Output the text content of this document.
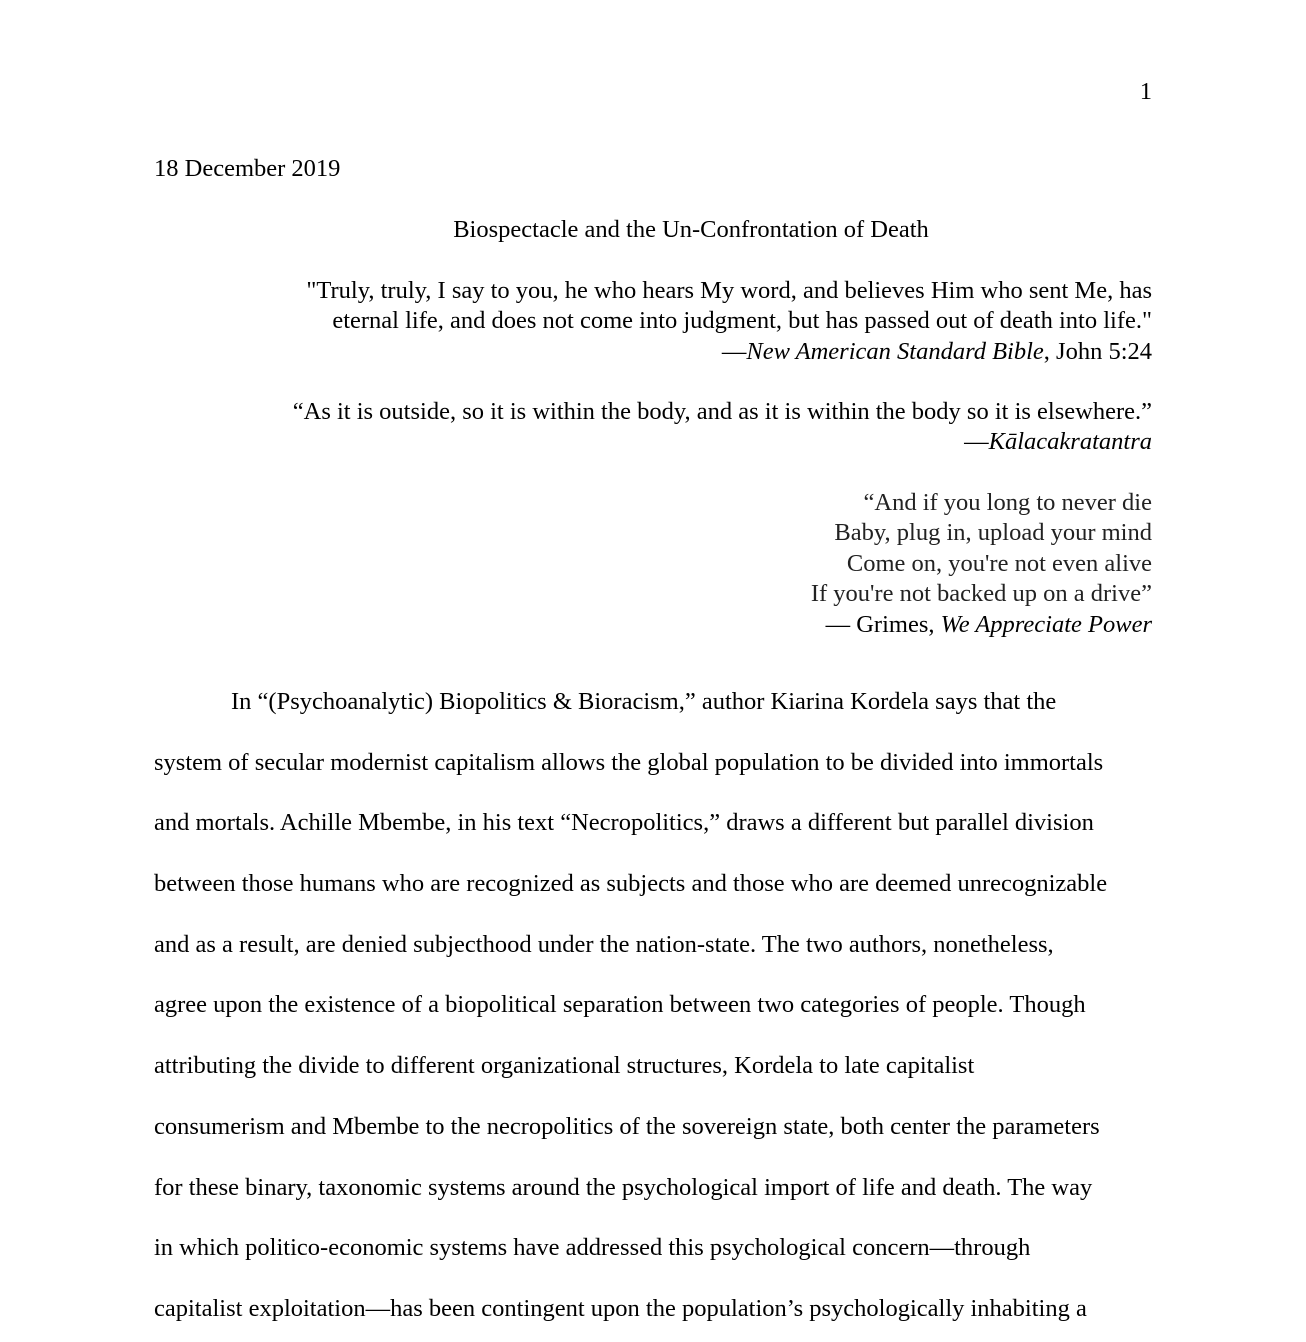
1
18 December 2019
Biospectacle and the Un-Confrontation of Death
"Truly, truly, I say to you, he who hears My word, and believes Him who sent Me, has
eternal life, and does not come into judgment, but has passed out of death into life."
—New American Standard Bible, John 5:24
“As it is outside, so it is within the body, and as it is within the body so it is elsewhere.”
—Kālacakratantra
“And if you long to never die
Baby, plug in, upload your mind
Come on, you're not even alive
If you're not backed up on a drive”
— Grimes, We Appreciate Power
In “(Psychoanalytic) Biopolitics & Bioracism,” author Kiarina Kordela says that the
system of secular modernist capitalism allows the global population to be divided into immortals
and mortals. Achille Mbembe, in his text “Necropolitics,” draws a different but parallel division
between those humans who are recognized as subjects and those who are deemed unrecognizable
and as a result, are denied subjecthood under the nation-state. The two authors, nonetheless,
agree upon the existence of a biopolitical separation between two categories of people. Though
attributing the divide to different organizational structures, Kordela to late capitalist
consumerism and Mbembe to the necropolitics of the sovereign state, both center the parameters
for these binary, taxonomic systems around the psychological import of life and death. The way
in which politico-economic systems have addressed this psychological concern—through
capitalist exploitation—has been contingent upon the population’s psychologically inhabiting a
